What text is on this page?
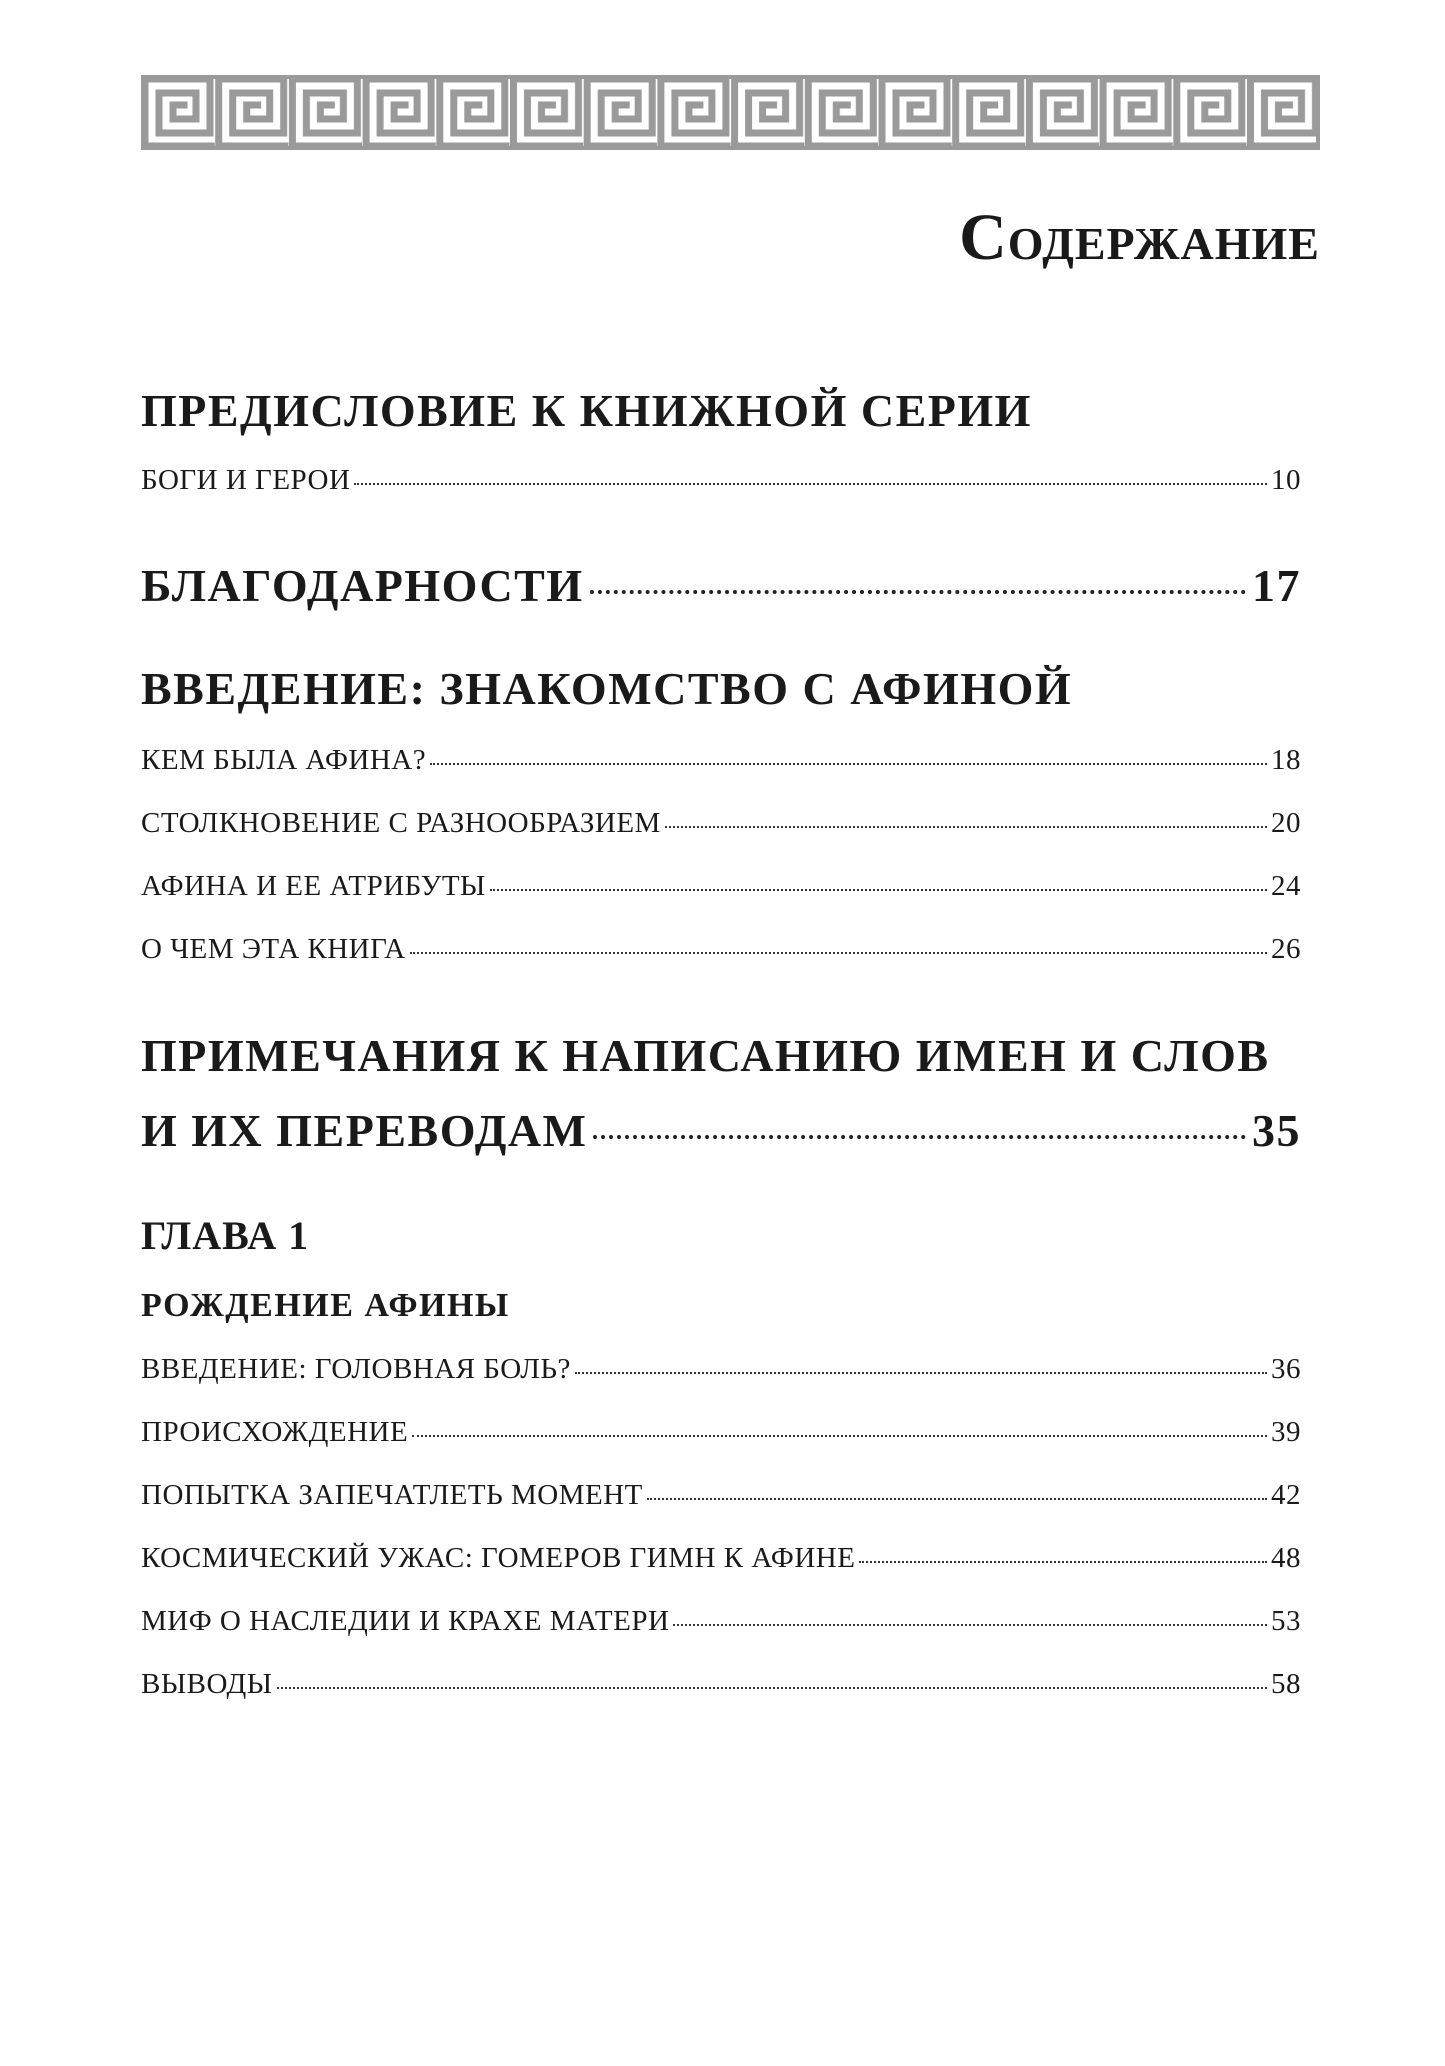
Содержание
ПРЕДИСЛОВИЕ К КНИЖНОЙ СЕРИИ
БОГИ И ГЕРОИ	10
БЛАГОДАРНОСТИ	17
ВВЕДЕНИЕ: ЗНАКОМСТВО С АФИНОЙ
КЕМ БЫЛА АФИНА?	18
СТОЛКНОВЕНИЕ С РАЗНООБРАЗИЕМ	20
АФИНА И ЕЕ АТРИБУТЫ	24
О ЧЕМ ЭТА КНИГА	26
ПРИМЕЧАНИЯ К НАПИСАНИЮ ИМЕН И СЛОВ
И ИХ ПЕРЕВОДАМ	35
ГЛАВА 1
РОЖДЕНИЕ АФИНЫ
ВВЕДЕНИЕ: ГОЛОВНАЯ БОЛЬ?	36
ПРОИСХОЖДЕНИЕ	39
ПОПЫТКА ЗАПЕЧАТЛЕТЬ МОМЕНТ	42
КОСМИЧЕСКИЙ УЖАС: ГОМЕРОВ ГИМН К АФИНЕ	48
МИФ О НАСЛЕДИИ И КРАХЕ МАТЕРИ	53
ВЫВОДЫ	58
